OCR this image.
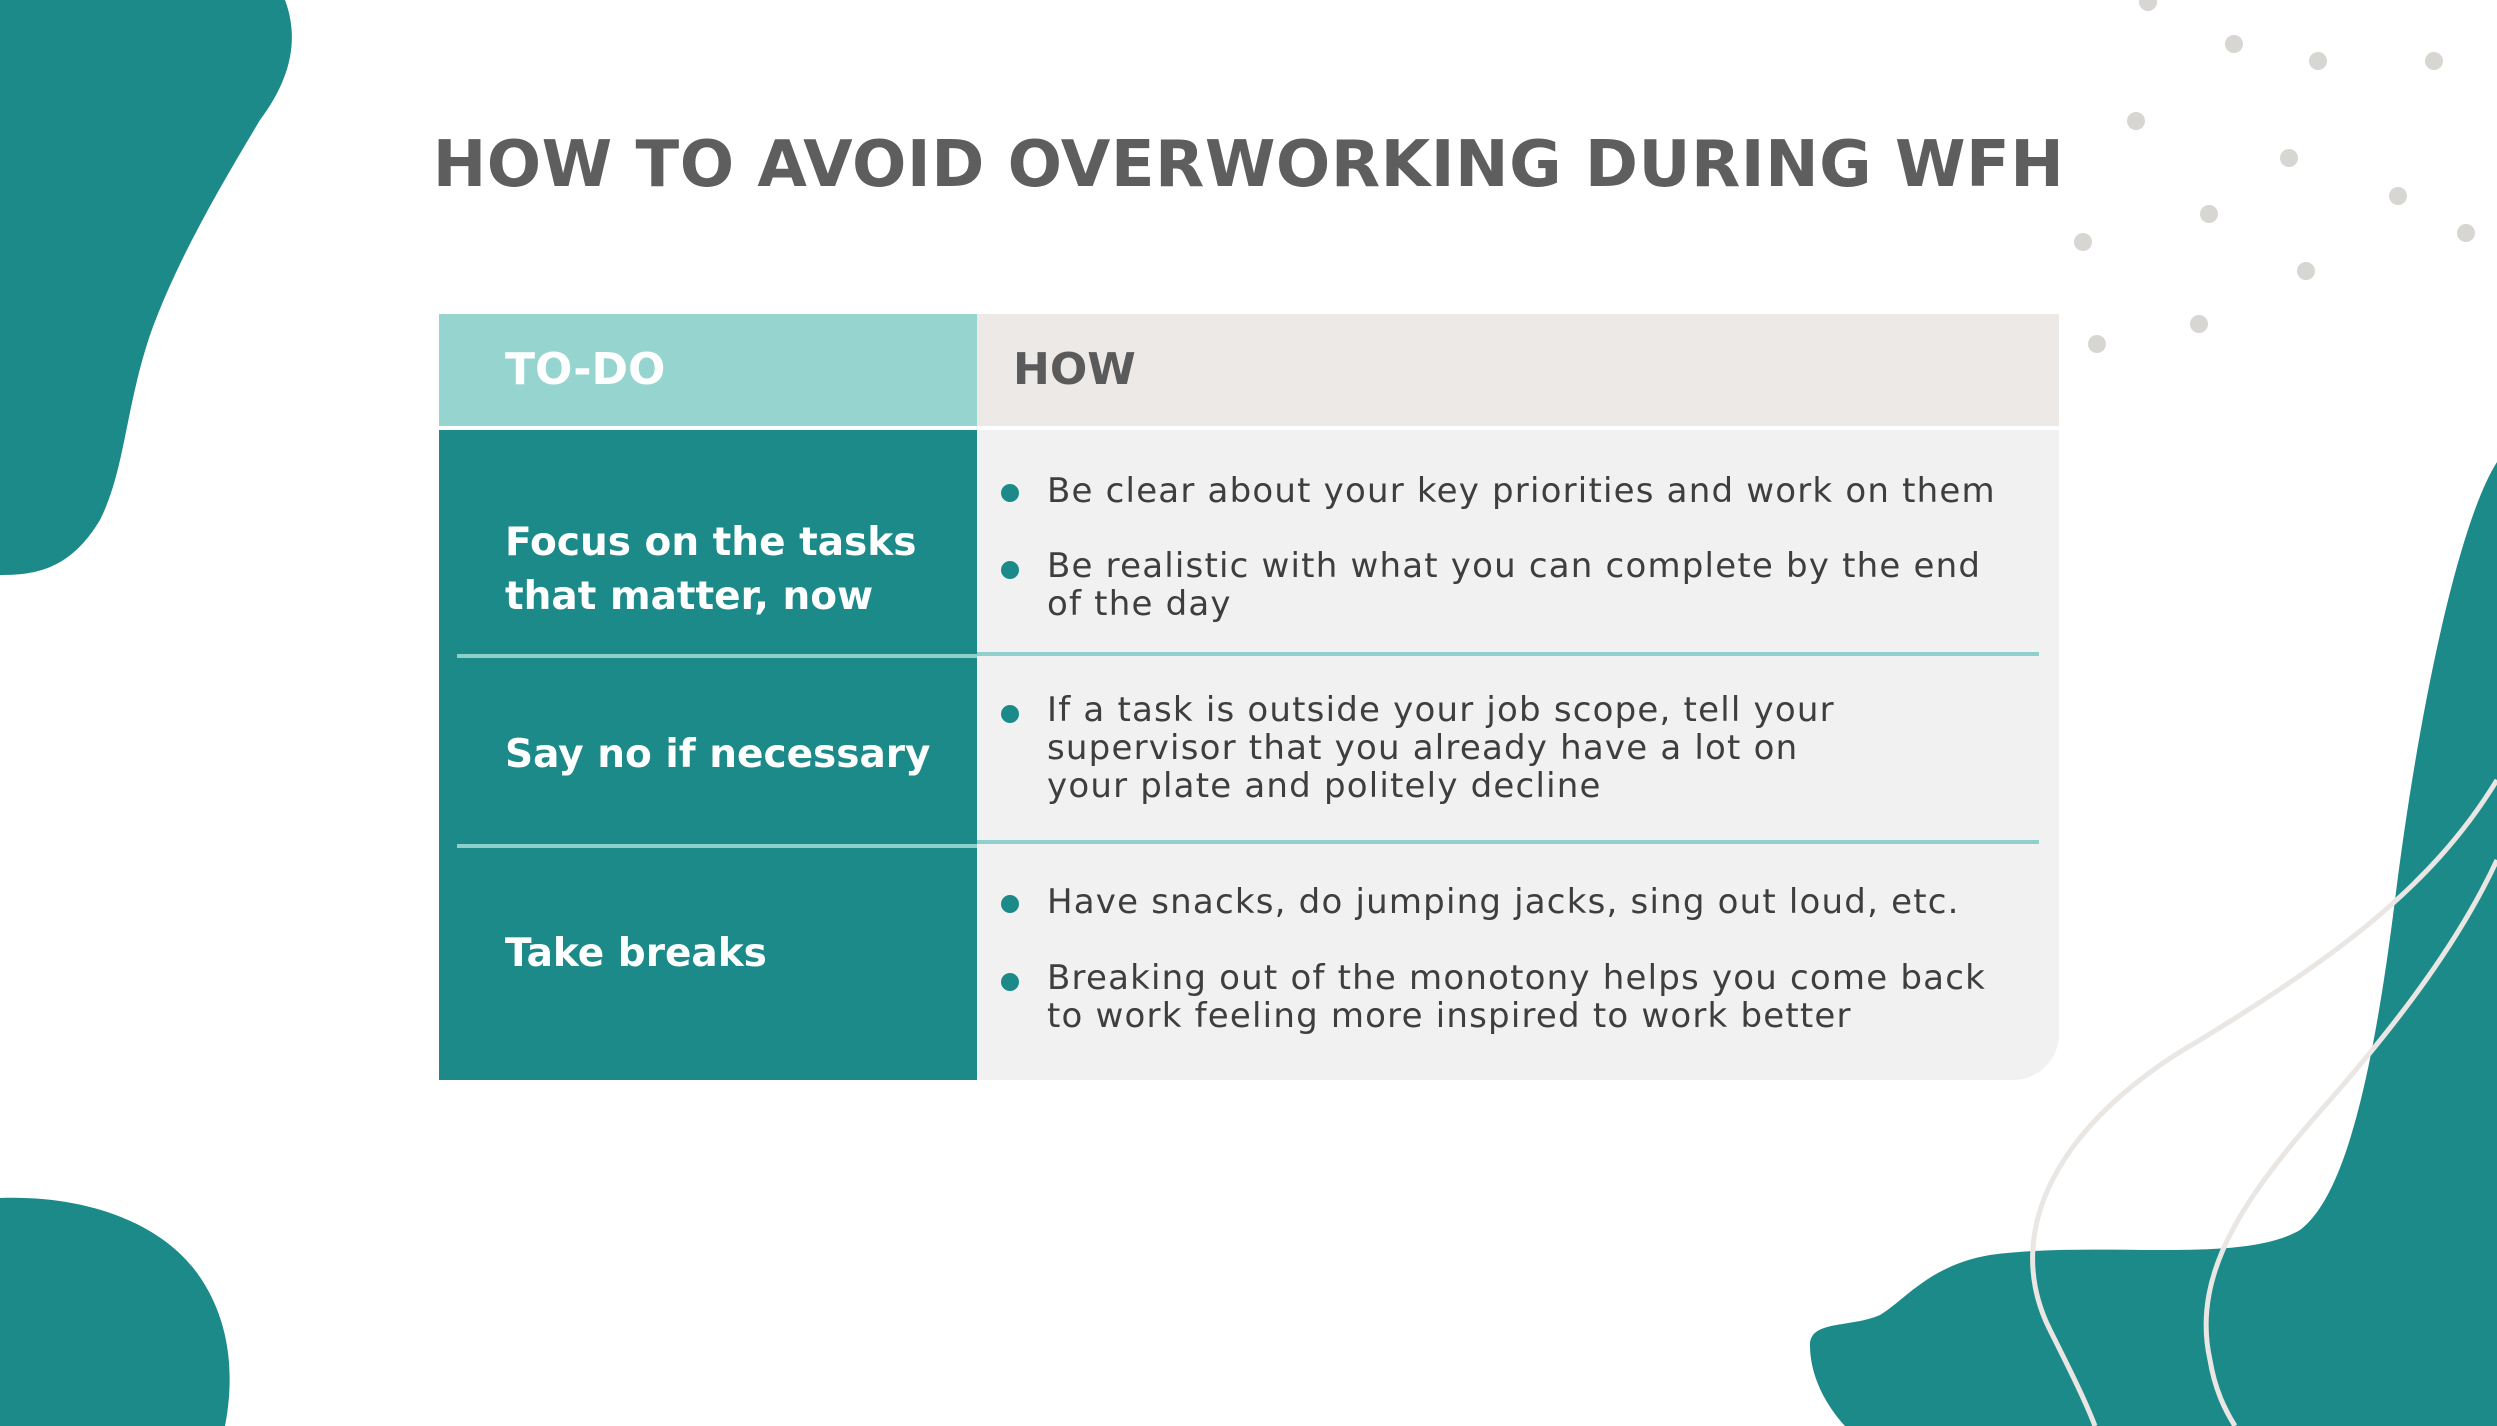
HOW TO AVOID OVERWORKING DURING WFH
TO-DO
Focus on the tasks that matter, now
Say no if necessary
Take breaks
HOW
Be clear about your key priorities and work on them
Be realistic with what you can complete by the end of the day
If a task is outside your job scope, tell your supervisor that you already have a lot on your plate and politely decline
Have snacks, do jumping jacks, sing out loud, etc.
Breaking out of the monotony helps you come back to work feeling more inspired to work better
